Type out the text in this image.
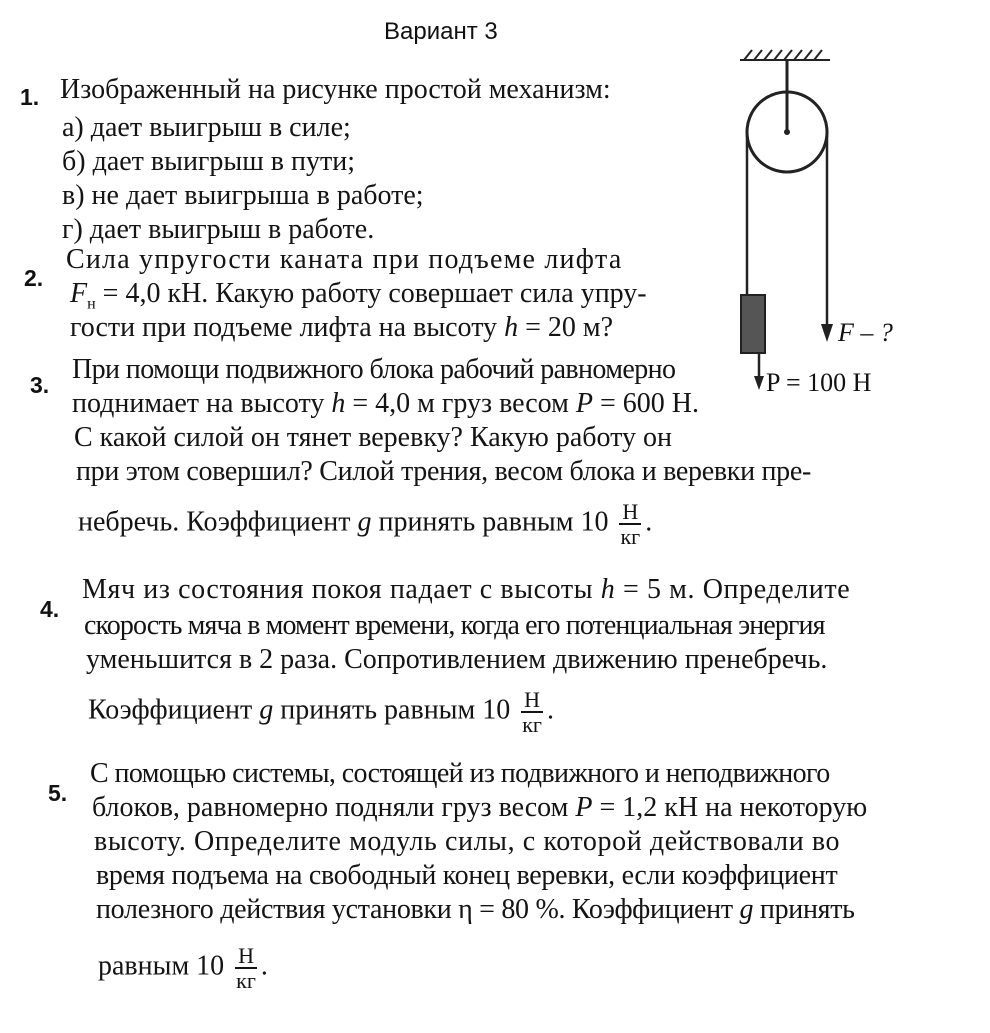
Вариант 3
1. Изображенный на рисунке простой механизм:
а) дает выигрыш в силе;
б) дает выигрыш в пути;
в) не дает выигрыша в работе;
г) дает выигрыш в работе.
2.
Сила упругости каната при подъеме лифта
$F_н = 4,0$ кН. Какую работу совершает сила упру-
гости при подъеме лифта на высоту h = 20 м?
3. При помощи подвижного блока рабочий равномерно
поднимает на высоту h = 4,0 м груз весом P = 600 Н.
С какой силой он тянет веревку? Какую работу он
при этом совершил? Силой трения, весом блока и веревки пре-
небречь. Коэффициент g принять равным $10 \frac{Н}{кг}$ .
4.
Мяч из состояния покоя падает с высоты h = 5 м. Определите
скорость мяча в момент времени, когда его потенциальная энергия
уменьшится в 2 раза. Сопротивлением движению пренебречь.
Коэффициент g принять равным $10 \frac{Н}{кг}$ .
5.
С помощью системы, состоящей из подвижного и неподвижного
блоков, равномерно подняли груз весом P = 1,2 кН на некоторую
высоту. Определите модуль силы, с которой действовали во
время подъема на свободный конец веревки, если коэффициент
полезного действия установки η = 80 %. Коэффициент g принять
равным $10 \frac{Н}{кг}$ .
F – ?
P = 100 Н
